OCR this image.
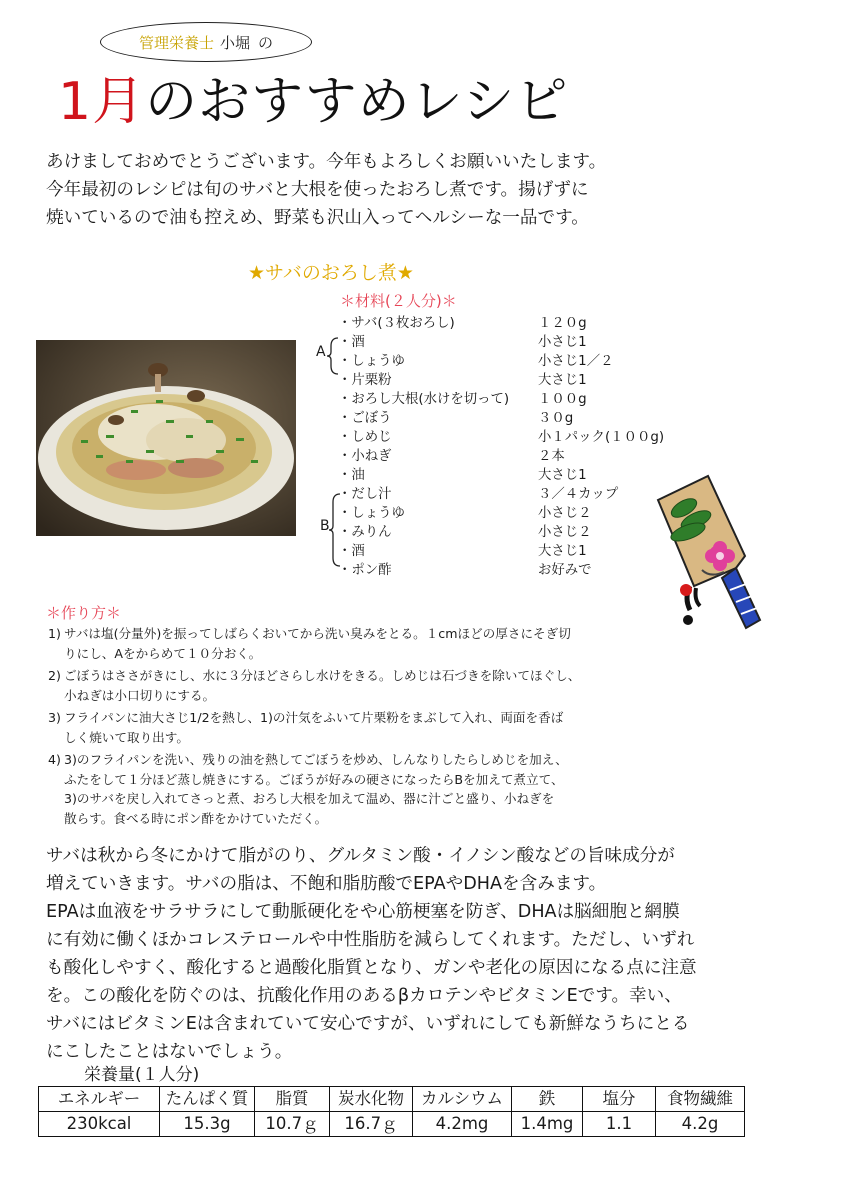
管理栄養士 小堀 の
1月のおすすめレシピ
あけましておめでとうございます。今年もよろしくお願いいたします。
今年最初のレシピは旬のサバと大根を使ったおろし煮です。揚げずに
焼いているので油も控えめ、野菜も沢山入ってヘルシーな一品です。
★サバのおろし煮★
＊材料(２人分)＊
・サバ(３枚おろし)	１２０g
・酒	小さじ1
・しょうゆ	小さじ1／２
・片栗粉	大さじ1
・おろし大根(水けを切って) １００g
・ごぼう	３０g
・しめじ	小１パック(１００g)
・小ねぎ	２本
・油	大さじ1
・だし汁	３／４カップ
・しょうゆ	小さじ２
・みりん	小さじ２
・酒	大さじ1
・ポン酢	お好みで
A
B
＊作り方＊
1) サバは塩(分量外)を振ってしばらくおいてから洗い臭みをとる。１cmほどの厚さにそぎ切
りにし、Aをからめて１０分おく。
2) ごぼうはささがきにし、水に３分ほどさらし水けをきる。しめじは石づきを除いてほぐし、
小ねぎは小口切りにする。
3) フライパンに油大さじ1/2を熱し、1)の汁気をふいて片栗粉をまぶして入れ、両面を香ば
しく焼いて取り出す。
4) 3)のフライパンを洗い、残りの油を熱してごぼうを炒め、しんなりしたらしめじを加え、
ふたをして１分ほど蒸し焼きにする。ごぼうが好みの硬さになったらBを加えて煮立て、
3)のサバを戻し入れてさっと煮、おろし大根を加えて温め、器に汁ごと盛り、小ねぎを
散らす。食べる時にポン酢をかけていただく。
サバは秋から冬にかけて脂がのり、グルタミン酸・イノシン酸などの旨味成分が
増えていきます。サバの脂は、不飽和脂肪酸でEPAやDHAを含みます。
EPAは血液をサラサラにして動脈硬化をや心筋梗塞を防ぎ、DHAは脳細胞と網膜
に有効に働くほかコレステロールや中性脂肪を減らしてくれます。ただし、いずれ
も酸化しやすく、酸化すると過酸化脂質となり、ガンや老化の原因になる点に注意
を。この酸化を防ぐのは、抗酸化作用のあるβカロテンやビタミンEです。幸い、
サバにはビタミンEは含まれていて安心ですが、いずれにしても新鮮なうちにとる
にこしたことはないでしょう。
栄養量(１人分)
エネルギー	たんぱく質	脂質	炭水化物	カルシウム	鉄	塩分	食物繊維
230kcal	15.3g	10.7ｇ	16.7ｇ	4.2mg	1.4mg	1.1	4.2g
